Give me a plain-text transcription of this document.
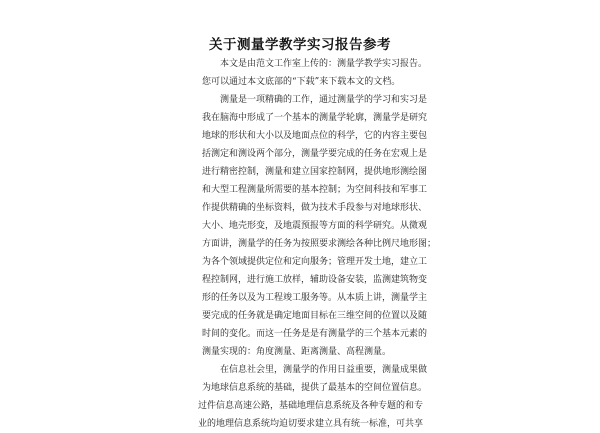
关于测量学教学实习报告参考
本文是由范文工作室上传的：测量学教学实习报告。
您可以通过本文底部的“下载”来下载本文的文档。
测量是一项精确的工作，通过测量学的学习和实习是
我在脑海中形成了一个基本的测量学轮廓，测量学是研究
地球的形状和大小以及地面点位的科学，它的内容主要包
括测定和测设两个部分，测量学要完成的任务在宏观上是
进行精密控制，测量和建立国家控制网，提供地形测绘图
和大型工程测量所需要的基本控制；为空间科技和军事工
作提供精确的坐标资料，做为技术手段参与对地球形状、
大小、地壳形变，及地震预报等方面的科学研究。从微观
方面讲，测量学的任务为按照要求测绘各种比例尺地形图；
为各个领域提供定位和定向服务；管理开发土地，建立工
程控制网，进行施工放样，辅助设备安装，监测建筑物变
形的任务以及为工程竣工服务等。从本质上讲，测量学主
要完成的任务就是确定地面目标在三维空间的位置以及随
时间的变化。而这一任务是是有测量学的三个基本元素的
测量实现的：角度测量、距离测量、高程测量。
在信息社会里，测量学的作用日益重要，测量成果做
为地球信息系统的基础，提供了最基本的空间位置信息。
过件信息高速公路，基础地理信息系统及各种专题的和专
业的地理信息系统均迫切要求建立具有统一标准，可共享
